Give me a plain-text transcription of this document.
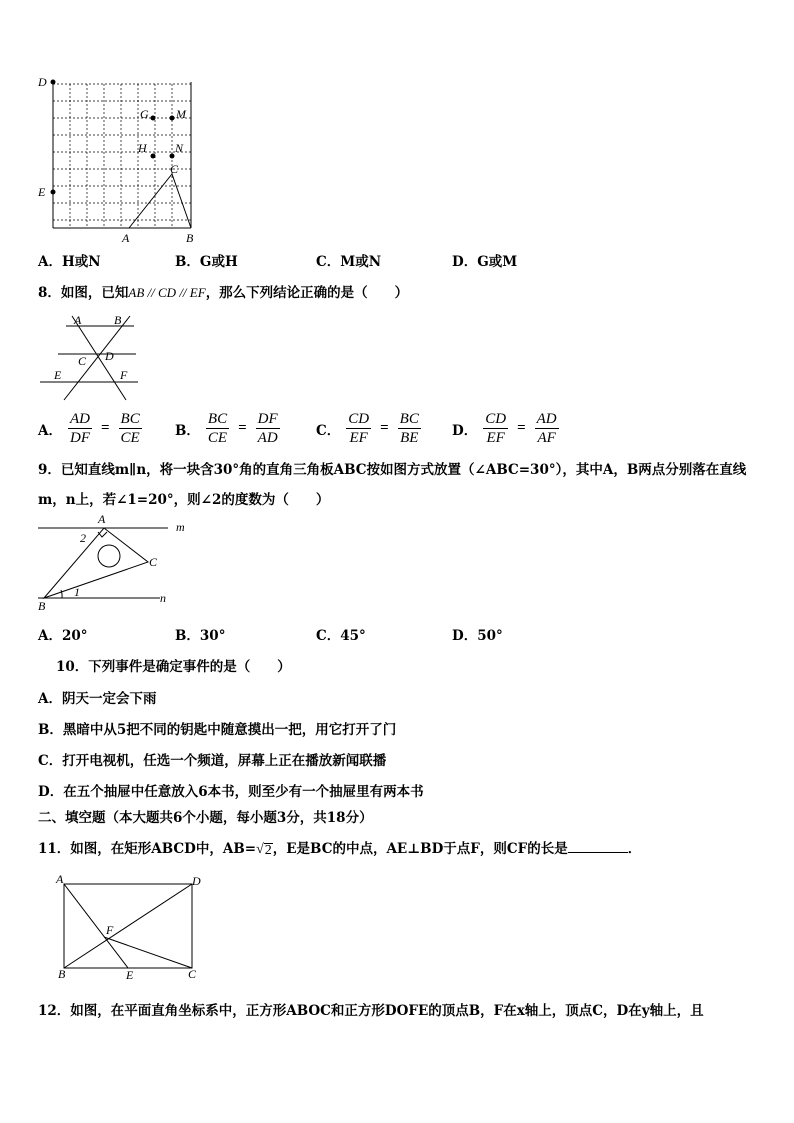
D
E
G M
H N
C
A	B
A．H或N	B．G或H	C．M或N	D．G或M
8．如图，已知AB // CD // EF，那么下列结论正确的是（　　）
A	B
C D
E	F
A． $\frac{AD}{DF} = \frac{BC}{CE}$ B． $\frac{BC}{CE} = \frac{DF}{AD}$	C． $\frac{CD}{EF} = \frac{BC}{BE}$ D． $\frac{CD}{EF} = \frac{AD}{AF}$
9．已知直线m∥n，将一块含30°角的直角三角板ABC按如图方式放置（∠ABC=30°），其中A，B两点分别落在直线
m，n上，若∠1=20°，则∠2的度数为（　　）
A
m
2
C
B
1	n
A．20°	B．30°	C．45°	D．50°
10．下列事件是确定事件的是（　　）
A．阴天一定会下雨
B．黑暗中从5把不同的钥匙中随意摸出一把，用它打开了门
C．打开电视机，任选一个频道，屏幕上正在播放新闻联播
D．在五个抽屉中任意放入6本书，则至少有一个抽屉里有两本书
二、填空题（本大题共6个小题，每小题3分，共18分）
11．如图，在矩形ABCD中，AB= √ 2 ，E是BC的中点，AE⊥BD于点F，则CF的长是	．
A	D
F
B	E	C
12．如图，在平面直角坐标系中，正方形ABOC和正方形DOFE的顶点B，F在x轴上，顶点C，D在y轴上，且
